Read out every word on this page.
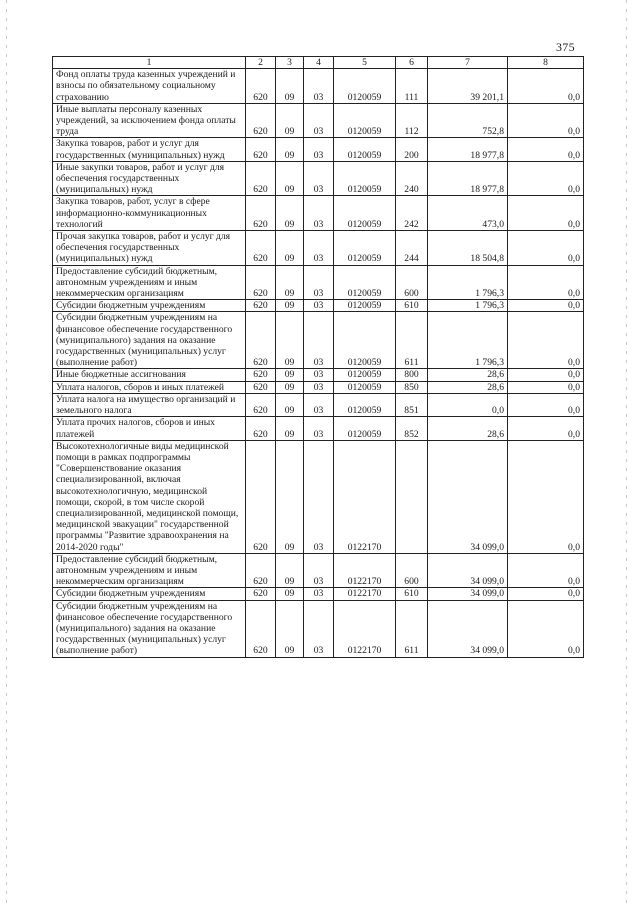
375
1	2	3	4	5	6	7	8
Фонд оплаты труда казенных учреждений и взносы по обязательному социальному страхованию	620	09	03	0120059	111	39 201,1	0,0
Иные выплаты персоналу казенных учреждений, за исключением фонда оплаты труда	620	09	03	0120059	112	752,8	0,0
Закупка товаров, работ и услуг для государственных (муниципальных) нужд	620	09	03	0120059	200	18 977,8	0,0
Иные закупки товаров, работ и услуг для обеспечения государственных (муниципальных) нужд	620	09	03	0120059	240	18 977,8	0,0
Закупка товаров, работ, услуг в сфере информационно-коммуникационных технологий	620	09	03	0120059	242	473,0	0,0
Прочая закупка товаров, работ и услуг для обеспечения государственных (муниципальных) нужд	620	09	03	0120059	244	18 504,8	0,0
Предоставление субсидий бюджетным, автономным учреждениям и иным некоммерческим организациям	620	09	03	0120059	600	1 796,3	0,0
Субсидии бюджетным учреждениям	620	09	03	0120059	610	1 796,3	0,0
Субсидии бюджетным учреждениям на финансовое обеспечение государственного (муниципального) задания на оказание государственных (муниципальных) услуг (выполнение работ)	620	09	03	0120059	611	1 796,3	0,0
Иные бюджетные ассигнования	620	09	03	0120059	800	28,6	0,0
Уплата налогов, сборов и иных платежей	620	09	03	0120059	850	28,6	0,0
Уплата налога на имущество организаций и земельного налога	620	09	03	0120059	851	0,0	0,0
Уплата прочих налогов, сборов и иных платежей	620	09	03	0120059	852	28,6	0,0
Высокотехнологичные виды медицинской помощи в рамках подпрограммы "Совершенствование оказания специализированной, включая высокотехнологичную, медицинской помощи, скорой, в том числе скорой специализированной, медицинской помощи, медицинской эвакуации" государственной программы "Развитие здравоохранения на 2014-2020 годы"	620	09	03	0122170		34 099,0	0,0
Предоставление субсидий бюджетным, автономным учреждениям и иным некоммерческим организациям	620	09	03	0122170	600	34 099,0	0,0
Субсидии бюджетным учреждениям	620	09	03	0122170	610	34 099,0	0,0
Субсидии бюджетным учреждениям на финансовое обеспечение государственного (муниципального) задания на оказание государственных (муниципальных) услуг (выполнение работ)	620	09	03	0122170	611	34 099,0	0,0
